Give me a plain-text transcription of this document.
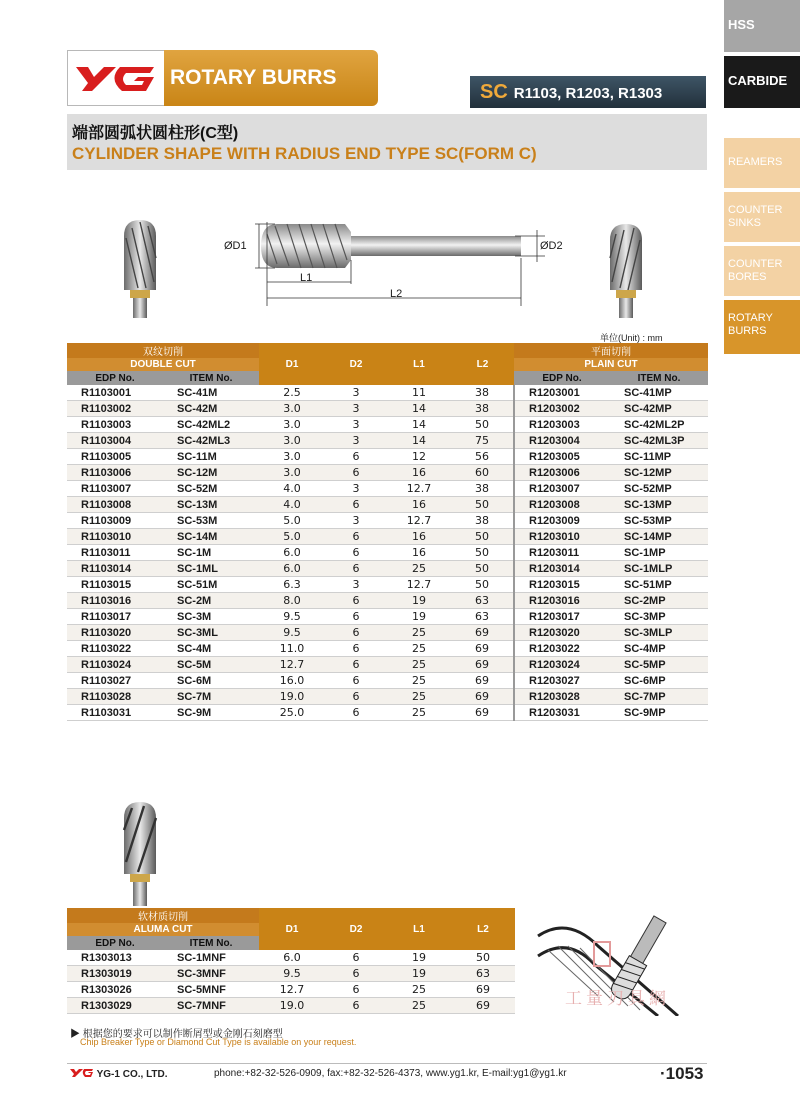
HSS
CARBIDE
REAMERS
COUNTER
SINKS
COUNTER
BORES
ROTARY
BURRS
ROTARY BURRS
SC R1103, R1203, R1303
端部圆弧状圆柱形(C型)
CYLINDER SHAPE WITH RADIUS END TYPE SC(FORM C)
ØD1	ØD2
L1
L2
单位(Unit) : mm
双纹切削		D1	D2	L1	L2	平面切削	
DOUBLE CUT						PLAIN CUT	
EDP No.	ITEM No.					EDP No.	ITEM No.
R1103001	SC-41M	2.5	3	11	38	R1203001	SC-41MP
R1103002	SC-42M	3.0	3	14	38	R1203002	SC-42MP
R1103003	SC-42ML2	3.0	3	14	50	R1203003	SC-42ML2P
R1103004	SC-42ML3	3.0	3	14	75	R1203004	SC-42ML3P
R1103005	SC-11M	3.0	6	12	56	R1203005	SC-11MP
R1103006	SC-12M	3.0	6	16	60	R1203006	SC-12MP
R1103007	SC-52M	4.0	3	12.7	38	R1203007	SC-52MP
R1103008	SC-13M	4.0	6	16	50	R1203008	SC-13MP
R1103009	SC-53M	5.0	3	12.7	38	R1203009	SC-53MP
R1103010	SC-14M	5.0	6	16	50	R1203010	SC-14MP
R1103011	SC-1M	6.0	6	16	50	R1203011	SC-1MP
R1103014	SC-1ML	6.0	6	25	50	R1203014	SC-1MLP
R1103015	SC-51M	6.3	3	12.7	50	R1203015	SC-51MP
R1103016	SC-2M	8.0	6	19	63	R1203016	SC-2MP
R1103017	SC-3M	9.5	6	19	63	R1203017	SC-3MP
R1103020	SC-3ML	9.5	6	25	69	R1203020	SC-3MLP
R1103022	SC-4M	11.0	6	25	69	R1203022	SC-4MP
R1103024	SC-5M	12.7	6	25	69	R1203024	SC-5MP
R1103027	SC-6M	16.0	6	25	69	R1203027	SC-6MP
R1103028	SC-7M	19.0	6	25	69	R1203028	SC-7MP
R1103031	SC-9M	25.0	6	25	69	R1203031	SC-9MP
软材质切削		D1	D2	L1	L2
ALUMA CUT					
EDP No.	ITEM No.				
R1303013	SC-1MNF	6.0	6	19	50
R1303019	SC-3MNF	9.5	6	19	63
R1303026	SC-5MNF	12.7	6	25	69
R1303029	SC-7MNF	19.0	6	25	69	工量刃具網
▶ 根据您的要求可以制作断屑型或金刚石刻磨型
Chip Breaker Type or Diamond Cut Type is available on your request.
YG-1 CO., LTD.	phone:+82-32-526-0909, fax:+82-32-526-4373, www.yg1.kr, E-mail:yg1@yg1.kr	·1053
